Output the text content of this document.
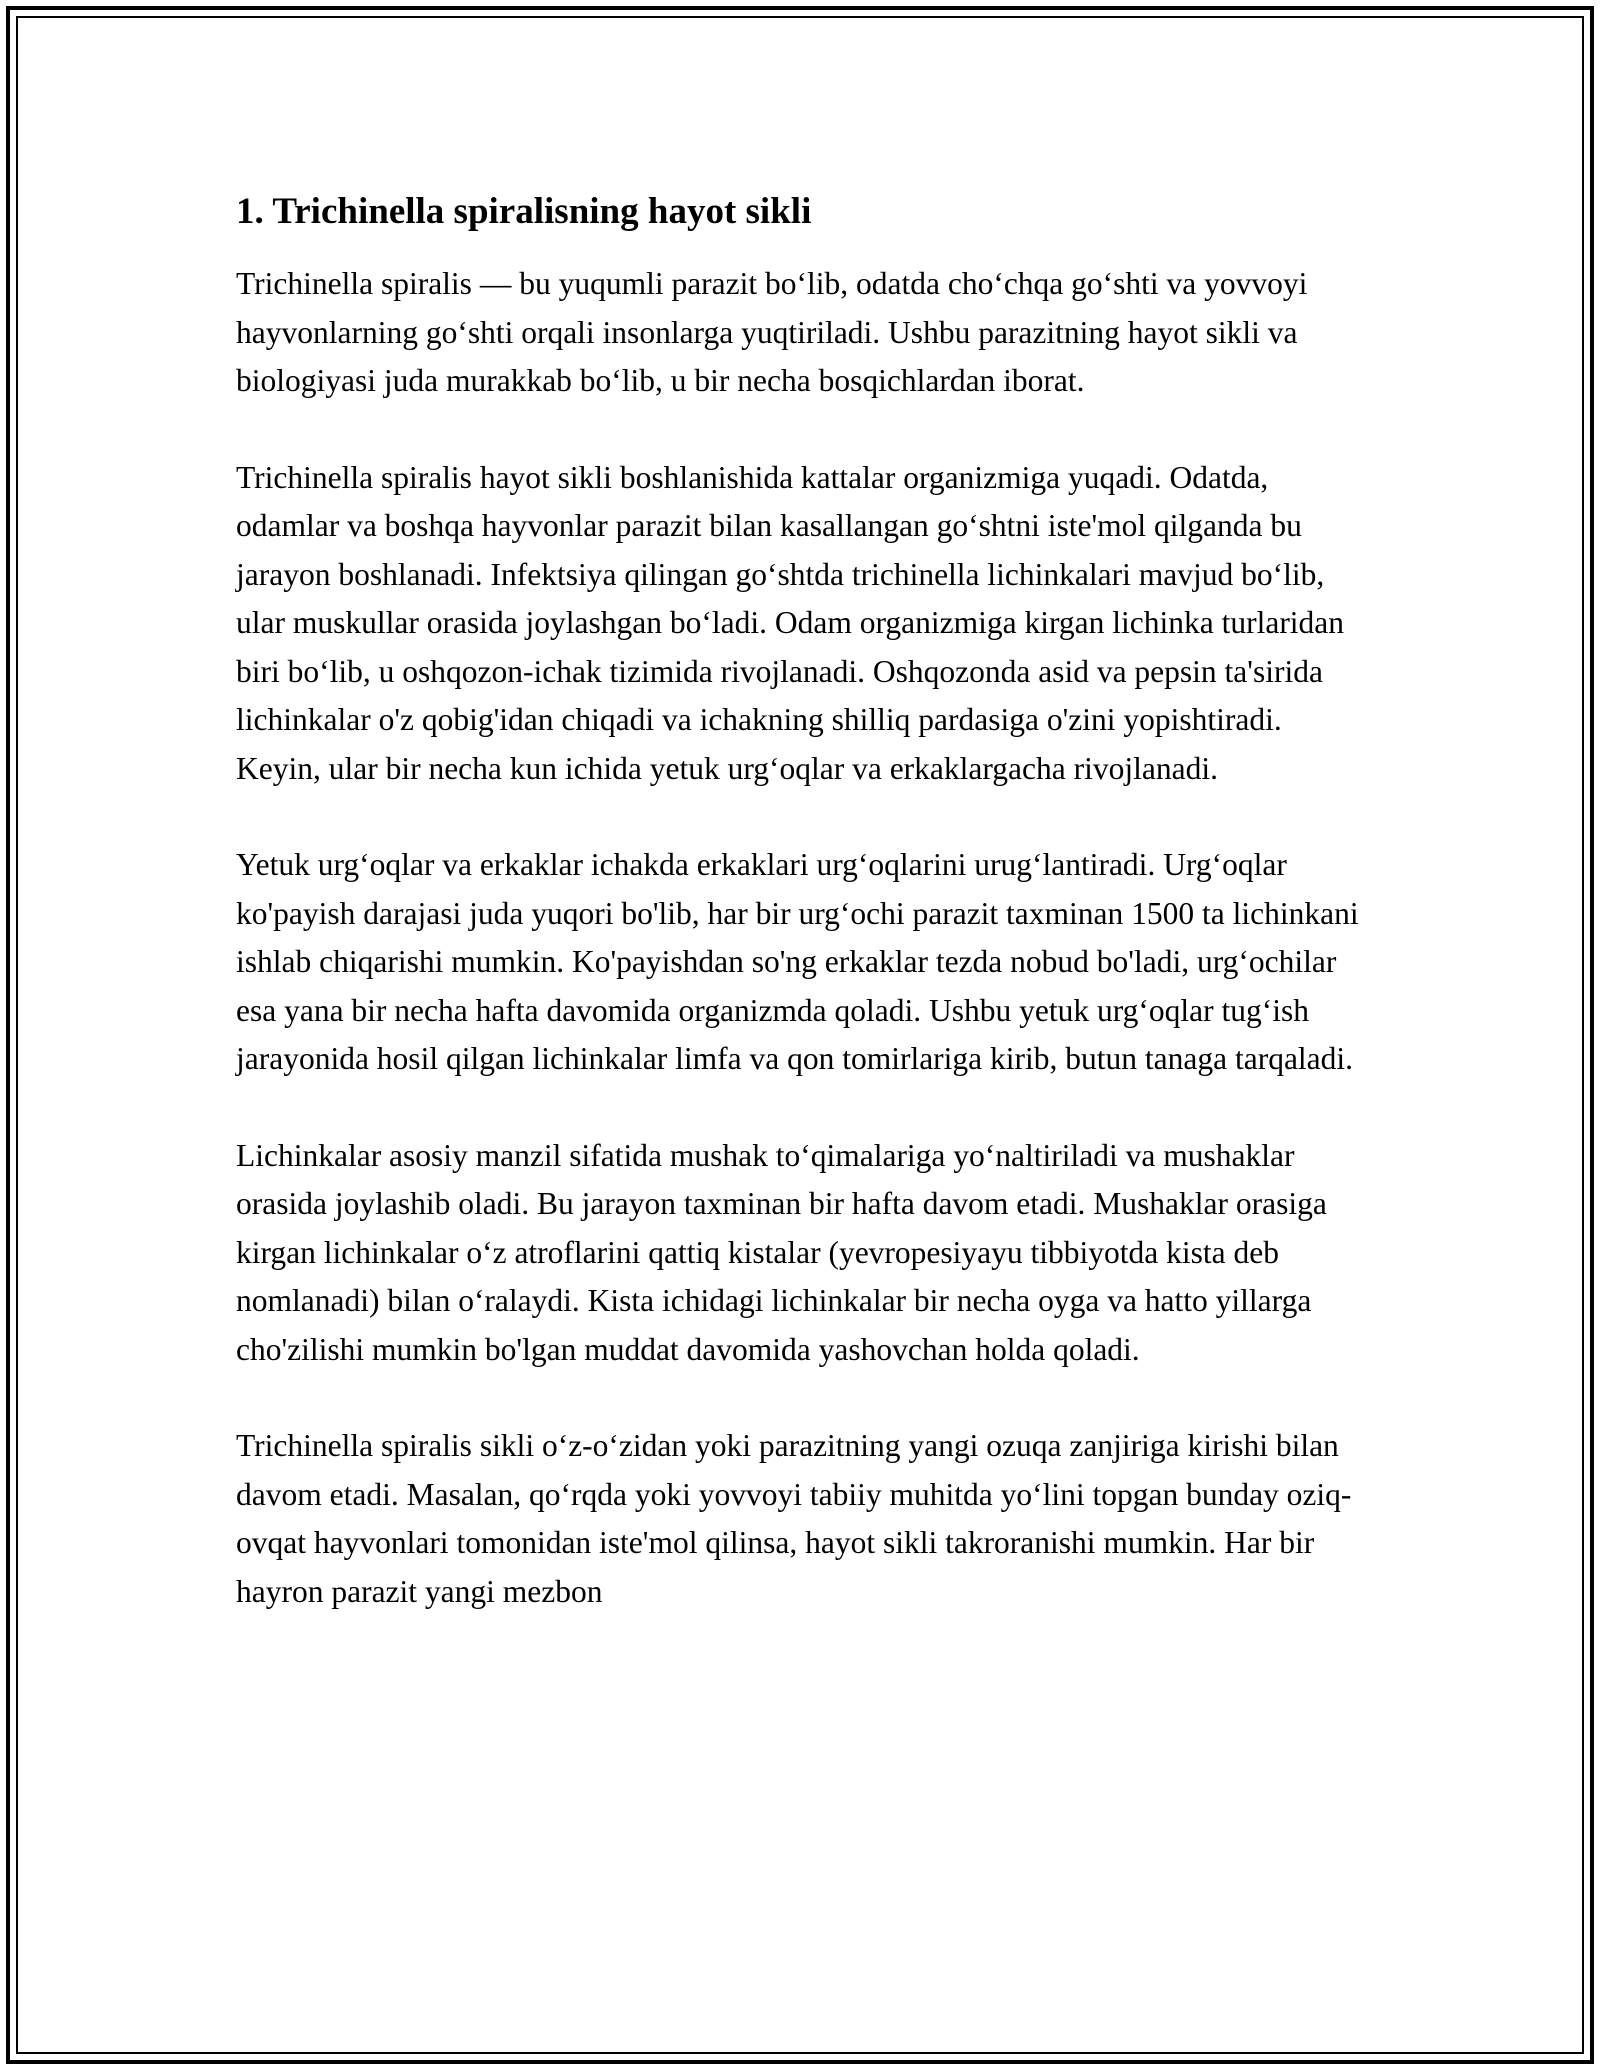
1. Trichinella spiralisning hayot sikli

Trichinella spiralis — bu yuqumli parazit bo‘lib, odatda cho‘chqa go‘shti va yovvoyi hayvonlarning go‘shti orqali insonlarga yuqtiriladi. Ushbu parazitning hayot sikli va biologiyasi juda murakkab bo‘lib, u bir necha bosqichlardan iborat.

Trichinella spiralis hayot sikli boshlanishida kattalar organizmiga yuqadi. Odatda, odamlar va boshqa hayvonlar parazit bilan kasallangan go‘shtni iste'mol qilganda bu jarayon boshlanadi. Infektsiya qilingan go‘shtda trichinella lichinkalari mavjud bo‘lib, ular muskullar orasida joylashgan bo‘ladi. Odam organizmiga kirgan lichinka turlaridan biri bo‘lib, u oshqozon-ichak tizimida rivojlanadi. Oshqozonda asid va pepsin ta'sirida lichinkalar o'z qobig'idan chiqadi va ichakning shilliq pardasiga o'zini yopishtiradi. Keyin, ular bir necha kun ichida yetuk urg‘oqlar va erkaklargacha rivojlanadi.

Yetuk urg‘oqlar va erkaklar ichakda erkaklari urg‘oqlarini urug‘lantiradi. Urg‘oqlar ko'payish darajasi juda yuqori bo'lib, har bir urg‘ochi parazit taxminan 1500 ta lichinkani ishlab chiqarishi mumkin. Ko'payishdan so'ng erkaklar tezda nobud bo'ladi, urg‘ochilar esa yana bir necha hafta davomida organizmda qoladi. Ushbu yetuk urg‘oqlar tug‘ish jarayonida hosil qilgan lichinkalar limfa va qon tomirlariga kirib, butun tanaga tarqaladi.

Lichinkalar asosiy manzil sifatida mushak to‘qimalariga yo‘naltiriladi va mushaklar orasida joylashib oladi. Bu jarayon taxminan bir hafta davom etadi. Mushaklar orasiga kirgan lichinkalar o‘z atroflarini qattiq kistalar (yevropesiyayu tibbiyotda kista deb nomlanadi) bilan o‘ralaydi. Kista ichidagi lichinkalar bir necha oyga va hatto yillarga cho'zilishi mumkin bo'lgan muddat davomida yashovchan holda qoladi.

Trichinella spiralis sikli o‘z-o‘zidan yoki parazitning yangi ozuqa zanjiriga kirishi bilan davom etadi. Masalan, qo‘rqda yoki yovvoyi tabiiy muhitda yo‘lini topgan bunday oziq-ovqat hayvonlari tomonidan iste'mol qilinsa, hayot sikli takroranishi mumkin. Har bir hayron parazit yangi mezbon
